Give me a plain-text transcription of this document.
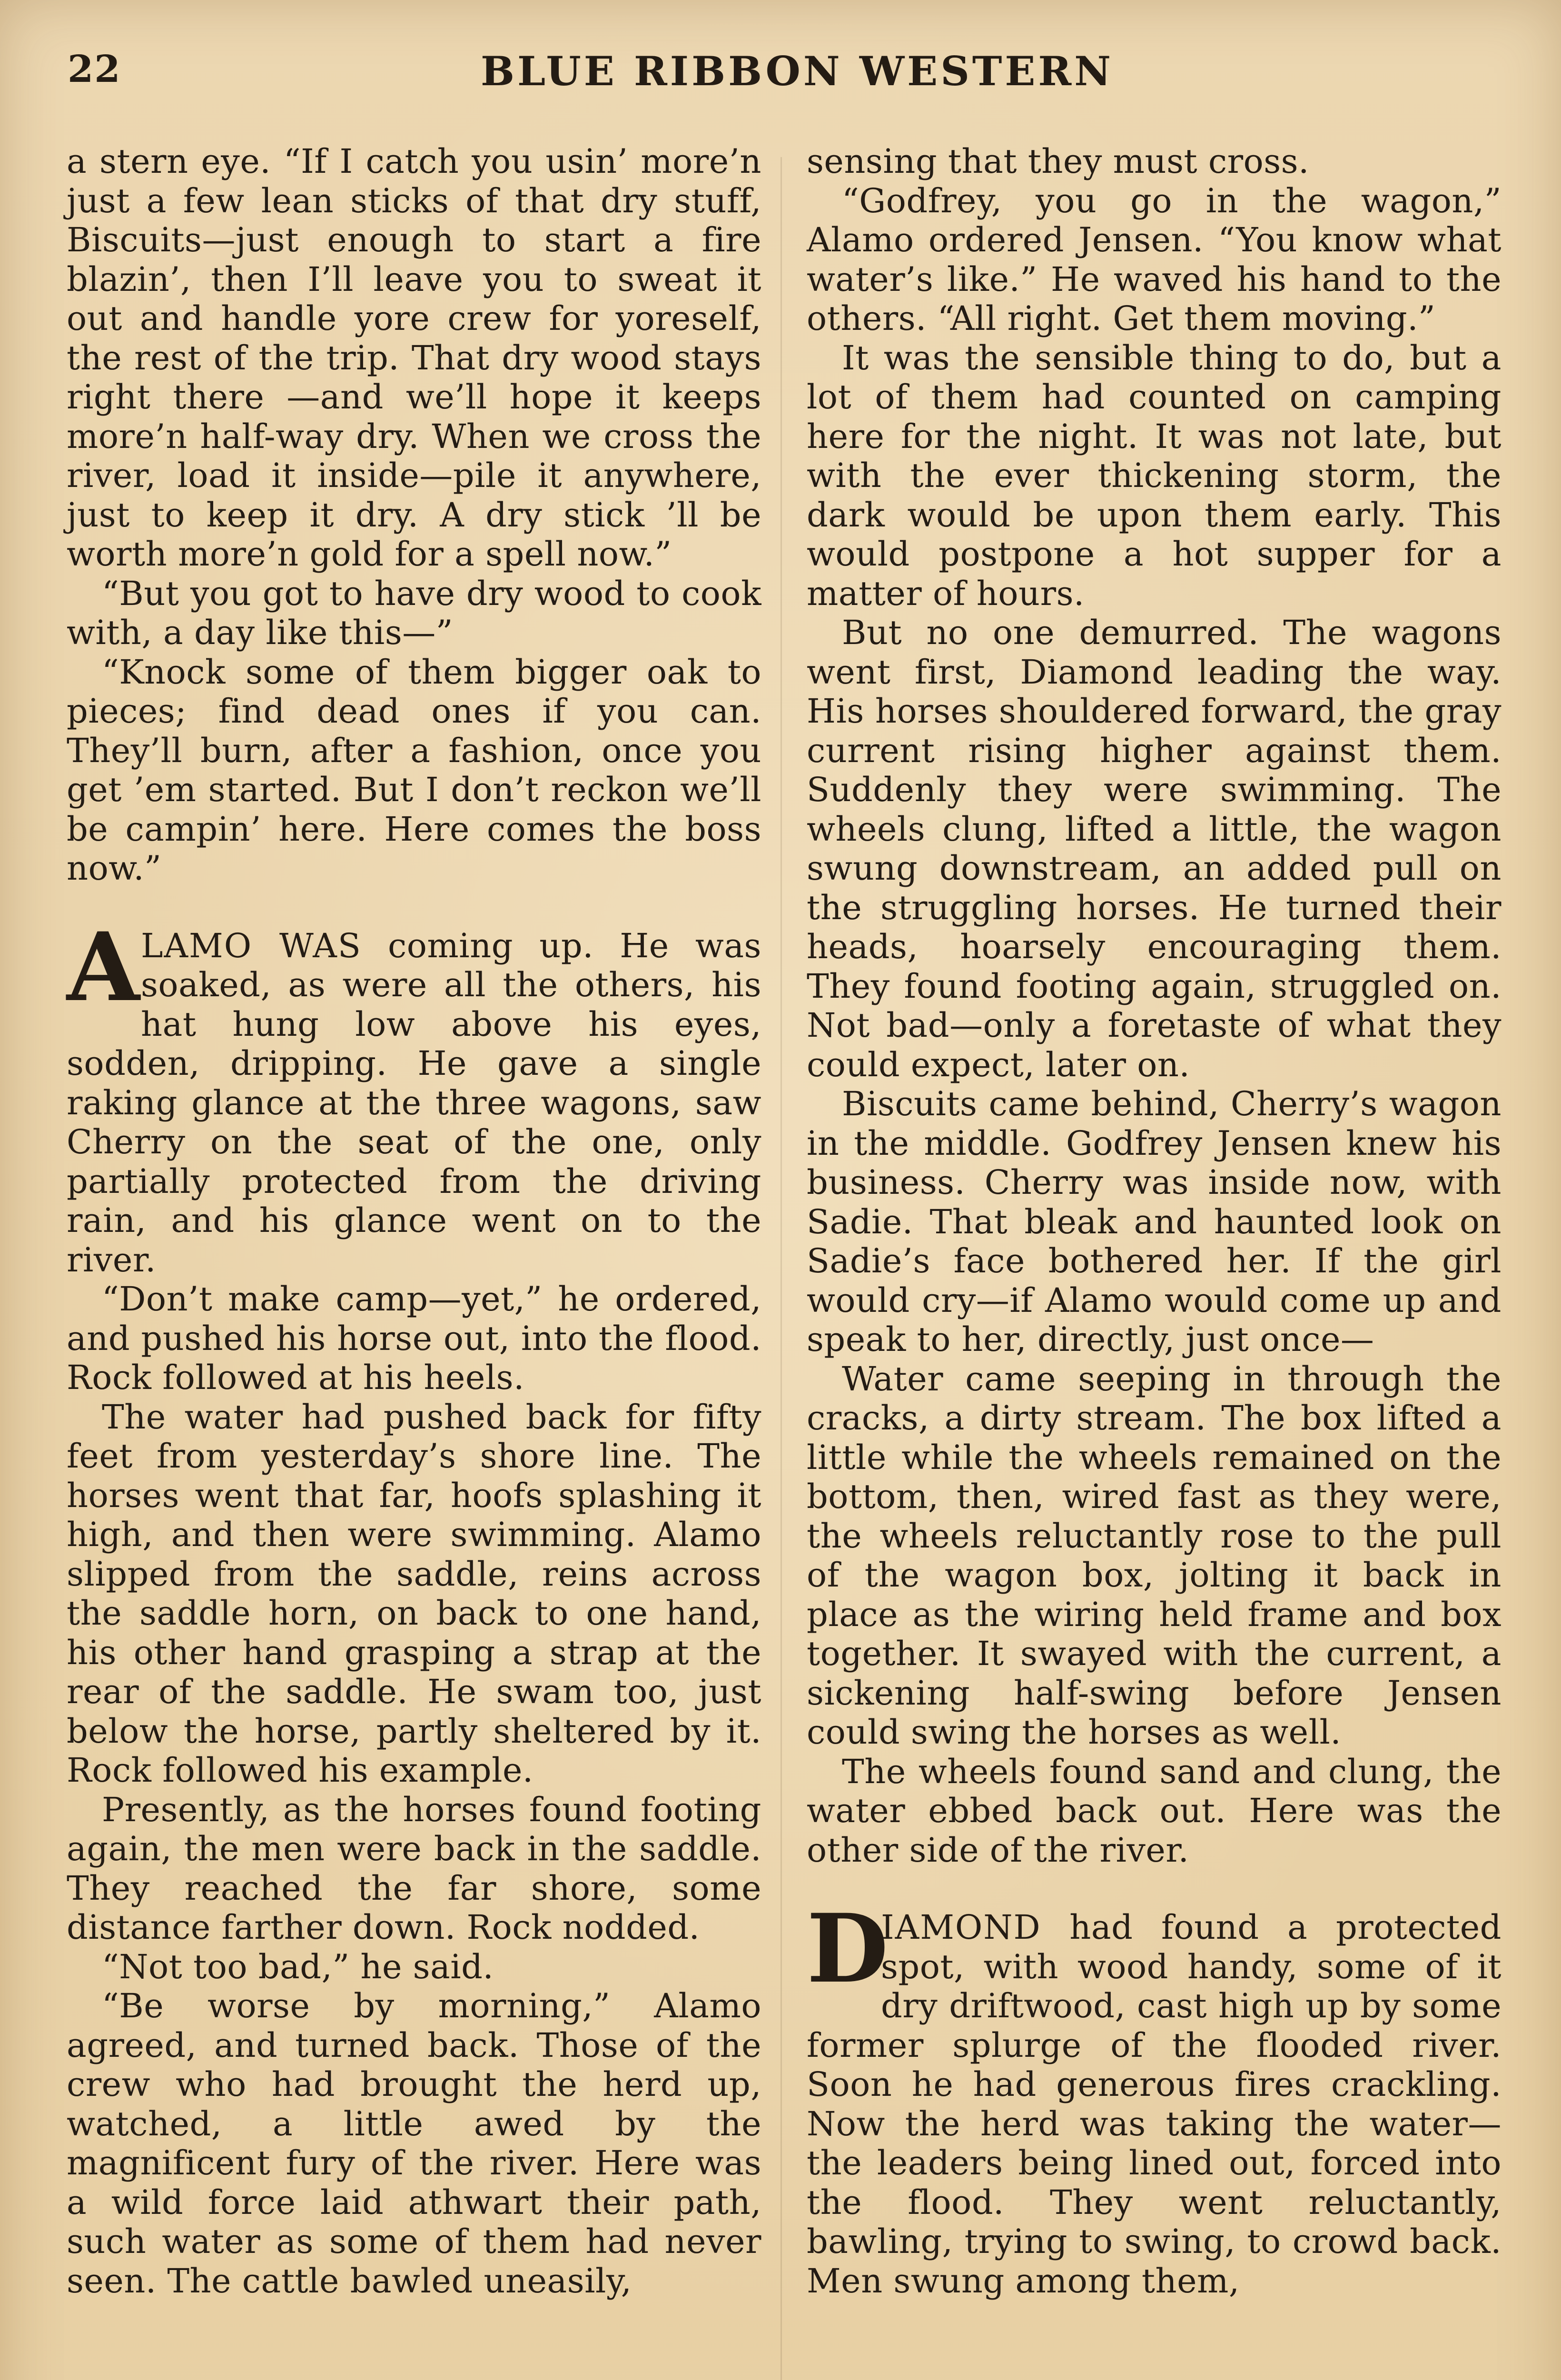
22	BLUE RIBBON WESTERN

a stern eye. “If I catch you usin’ more’n just a few lean sticks of that dry stuff, Biscuits—just enough to start a fire blazin’, then I’ll leave you to sweat it out and handle yore crew for yoreself, the rest of the trip. That dry wood stays right there —and we’ll hope it keeps more’n half-way dry. When we cross the river, load it inside—pile it anywhere, just to keep it dry. A dry stick ’ll be worth more’n gold for a spell now.”

“But you got to have dry wood to cook with, a day like this—”

“Knock some of them bigger oak to pieces; find dead ones if you can. They’ll burn, after a fashion, once you get ’em started. But I don’t reckon we’ll be campin’ here. Here comes the boss now.”

ALAMO WAS coming up. He was soaked, as were all the others, his hat hung low above his eyes, sodden, dripping. He gave a single raking glance at the three wagons, saw Cherry on the seat of the one, only partially protected from the driving rain, and his glance went on to the river.

“Don’t make camp—yet,” he ordered, and pushed his horse out, into the flood. Rock followed at his heels.

The water had pushed back for fifty feet from yesterday’s shore line. The horses went that far, hoofs splashing it high, and then were swimming. Alamo slipped from the saddle, reins across the saddle horn, on back to one hand, his other hand grasping a strap at the rear of the saddle. He swam too, just below the horse, partly sheltered by it. Rock followed his example.

Presently, as the horses found footing again, the men were back in the saddle. They reached the far shore, some distance farther down. Rock nodded.

“Not too bad,” he said.

“Be worse by morning,” Alamo agreed, and turned back. Those of the crew who had brought the herd up, watched, a little awed by the magnificent fury of the river. Here was a wild force laid athwart their path, such water as some of them had never seen. The cattle bawled uneasily,

sensing that they must cross.

“Godfrey, you go in the wagon,” Alamo ordered Jensen. “You know what water’s like.” He waved his hand to the others. “All right. Get them moving.”

It was the sensible thing to do, but a lot of them had counted on camping here for the night. It was not late, but with the ever thickening storm, the dark would be upon them early. This would postpone a hot supper for a matter of hours.

But no one demurred. The wagons went first, Diamond leading the way. His horses shouldered forward, the gray current rising higher against them. Suddenly they were swimming. The wheels clung, lifted a little, the wagon swung downstream, an added pull on the struggling horses. He turned their heads, hoarsely encouraging them. They found footing again, struggled on. Not bad—only a foretaste of what they could expect, later on.

Biscuits came behind, Cherry’s wagon in the middle. Godfrey Jensen knew his business. Cherry was inside now, with Sadie. That bleak and haunted look on Sadie’s face bothered her. If the girl would cry—if Alamo would come up and speak to her, directly, just once—

Water came seeping in through the cracks, a dirty stream. The box lifted a little while the wheels remained on the bottom, then, wired fast as they were, the wheels reluctantly rose to the pull of the wagon box, jolting it back in place as the wiring held frame and box together. It swayed with the current, a sickening half-swing before Jensen could swing the horses as well.

The wheels found sand and clung, the water ebbed back out. Here was the other side of the river.

D
IAMOND had found a protected spot, with wood handy, some of it dry driftwood, cast high up by some former splurge of the flooded river. Soon he had generous fires crackling. Now the herd was taking the water—the leaders being lined out, forced into the flood. They went reluctantly, bawling, trying to swing, to crowd back. Men swung among them,
